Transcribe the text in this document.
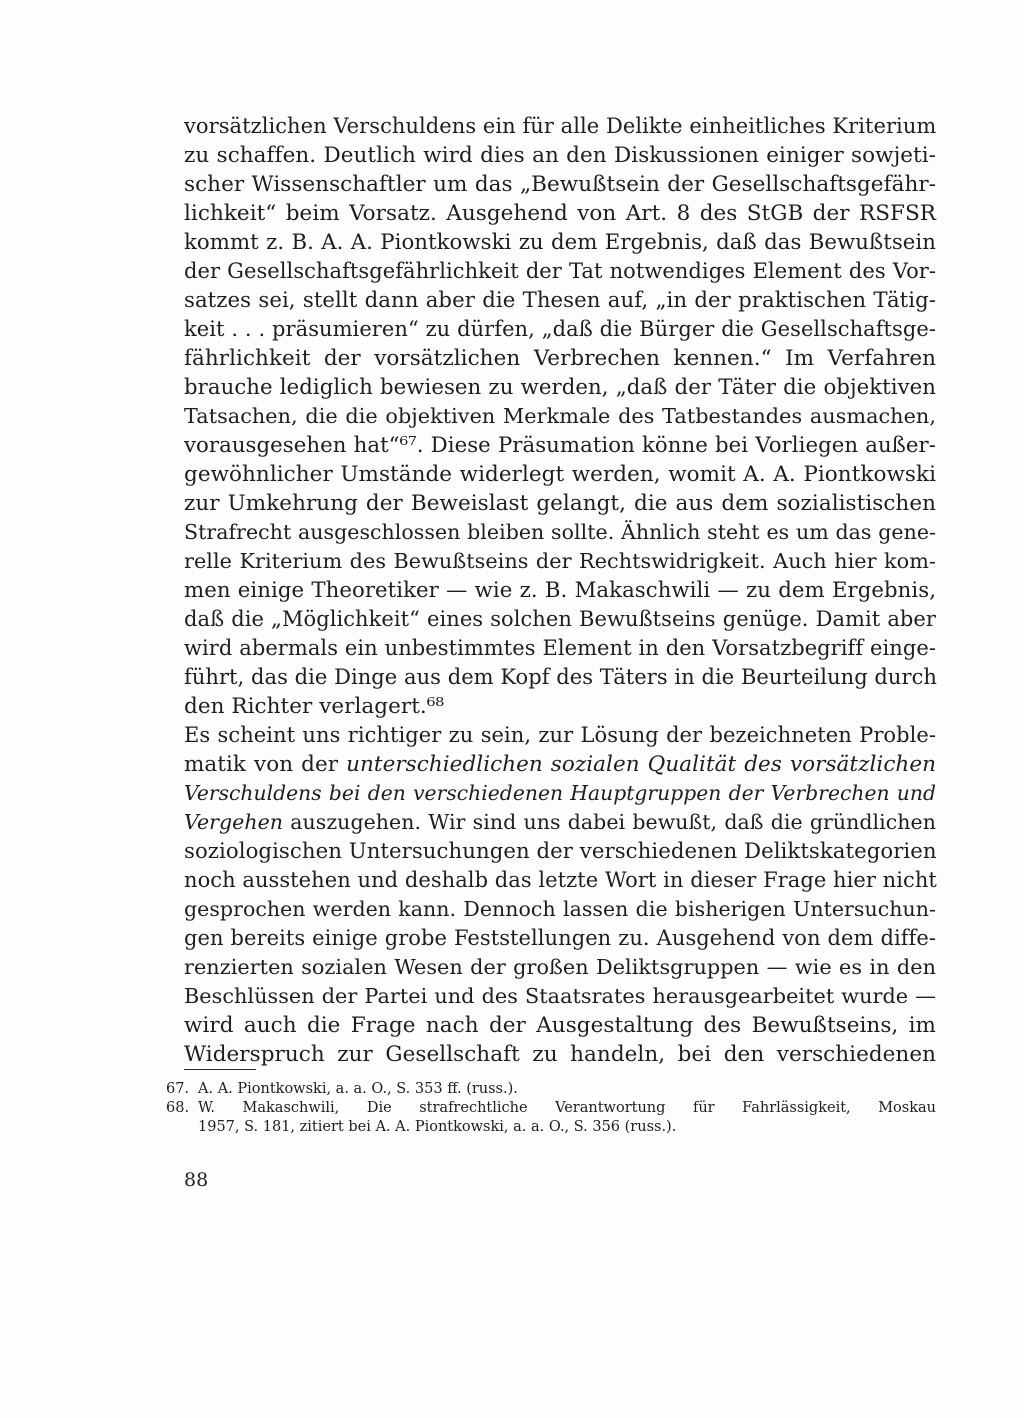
vorsätzlichen Verschuldens ein für alle Delikte einheitliches Kriterium
zu schaffen. Deutlich wird dies an den Diskussionen einiger sowjeti-
scher Wissenschaftler um das „Bewußtsein der Gesellschaftsgefähr-
lichkeit“ beim Vorsatz. Ausgehend von Art. 8 des StGB der RSFSR
kommt z. B. A. A. Piontkowski zu dem Ergebnis, daß das Bewußtsein
der Gesellschaftsgefährlichkeit der Tat notwendiges Element des Vor-
satzes sei, stellt dann aber die Thesen auf, „in der praktischen Tätig-
keit . . . präsumieren“ zu dürfen, „daß die Bürger die Gesellschaftsge-
fährlichkeit der vorsätzlichen Verbrechen kennen.“ Im Verfahren
brauche lediglich bewiesen zu werden, „daß der Täter die objektiven
Tatsachen, die die objektiven Merkmale des Tatbestandes ausmachen,
vorausgesehen hat“⁶⁷. Diese Präsumation könne bei Vorliegen außer-
gewöhnlicher Umstände widerlegt werden, womit A. A. Piontkowski
zur Umkehrung der Beweislast gelangt, die aus dem sozialistischen
Strafrecht ausgeschlossen bleiben sollte. Ähnlich steht es um das gene-
relle Kriterium des Bewußtseins der Rechtswidrigkeit. Auch hier kom-
men einige Theoretiker — wie z. B. Makaschwili — zu dem Ergebnis,
daß die „Möglichkeit“ eines solchen Bewußtseins genüge. Damit aber
wird abermals ein unbestimmtes Element in den Vorsatzbegriff einge-
führt, das die Dinge aus dem Kopf des Täters in die Beurteilung durch
den Richter verlagert.⁶⁸
Es scheint uns richtiger zu sein, zur Lösung der bezeichneten Proble-
matik von der unterschiedlichen sozialen Qualität des vorsätzlichen
Verschuldens bei den verschiedenen Hauptgruppen der Verbrechen und
Vergehen auszugehen. Wir sind uns dabei bewußt, daß die gründlichen
soziologischen Untersuchungen der verschiedenen Deliktskategorien
noch ausstehen und deshalb das letzte Wort in dieser Frage hier nicht
gesprochen werden kann. Dennoch lassen die bisherigen Untersuchun-
gen bereits einige grobe Feststellungen zu. Ausgehend von dem diffe-
renzierten sozialen Wesen der großen Deliktsgruppen — wie es in den
Beschlüssen der Partei und des Staatsrates herausgearbeitet wurde —
wird auch die Frage nach der Ausgestaltung des Bewußtseins, im
Widerspruch zur Gesellschaft zu handeln, bei den verschiedenen
67. A. A. Piontkowski, a. a. O., S. 353 ff. (russ.).
68. W. Makaschwili, Die strafrechtliche Verantwortung für Fahrlässigkeit, Moskau
1957, S. 181, zitiert bei A. A. Piontkowski, a. a. O., S. 356 (russ.).
88
